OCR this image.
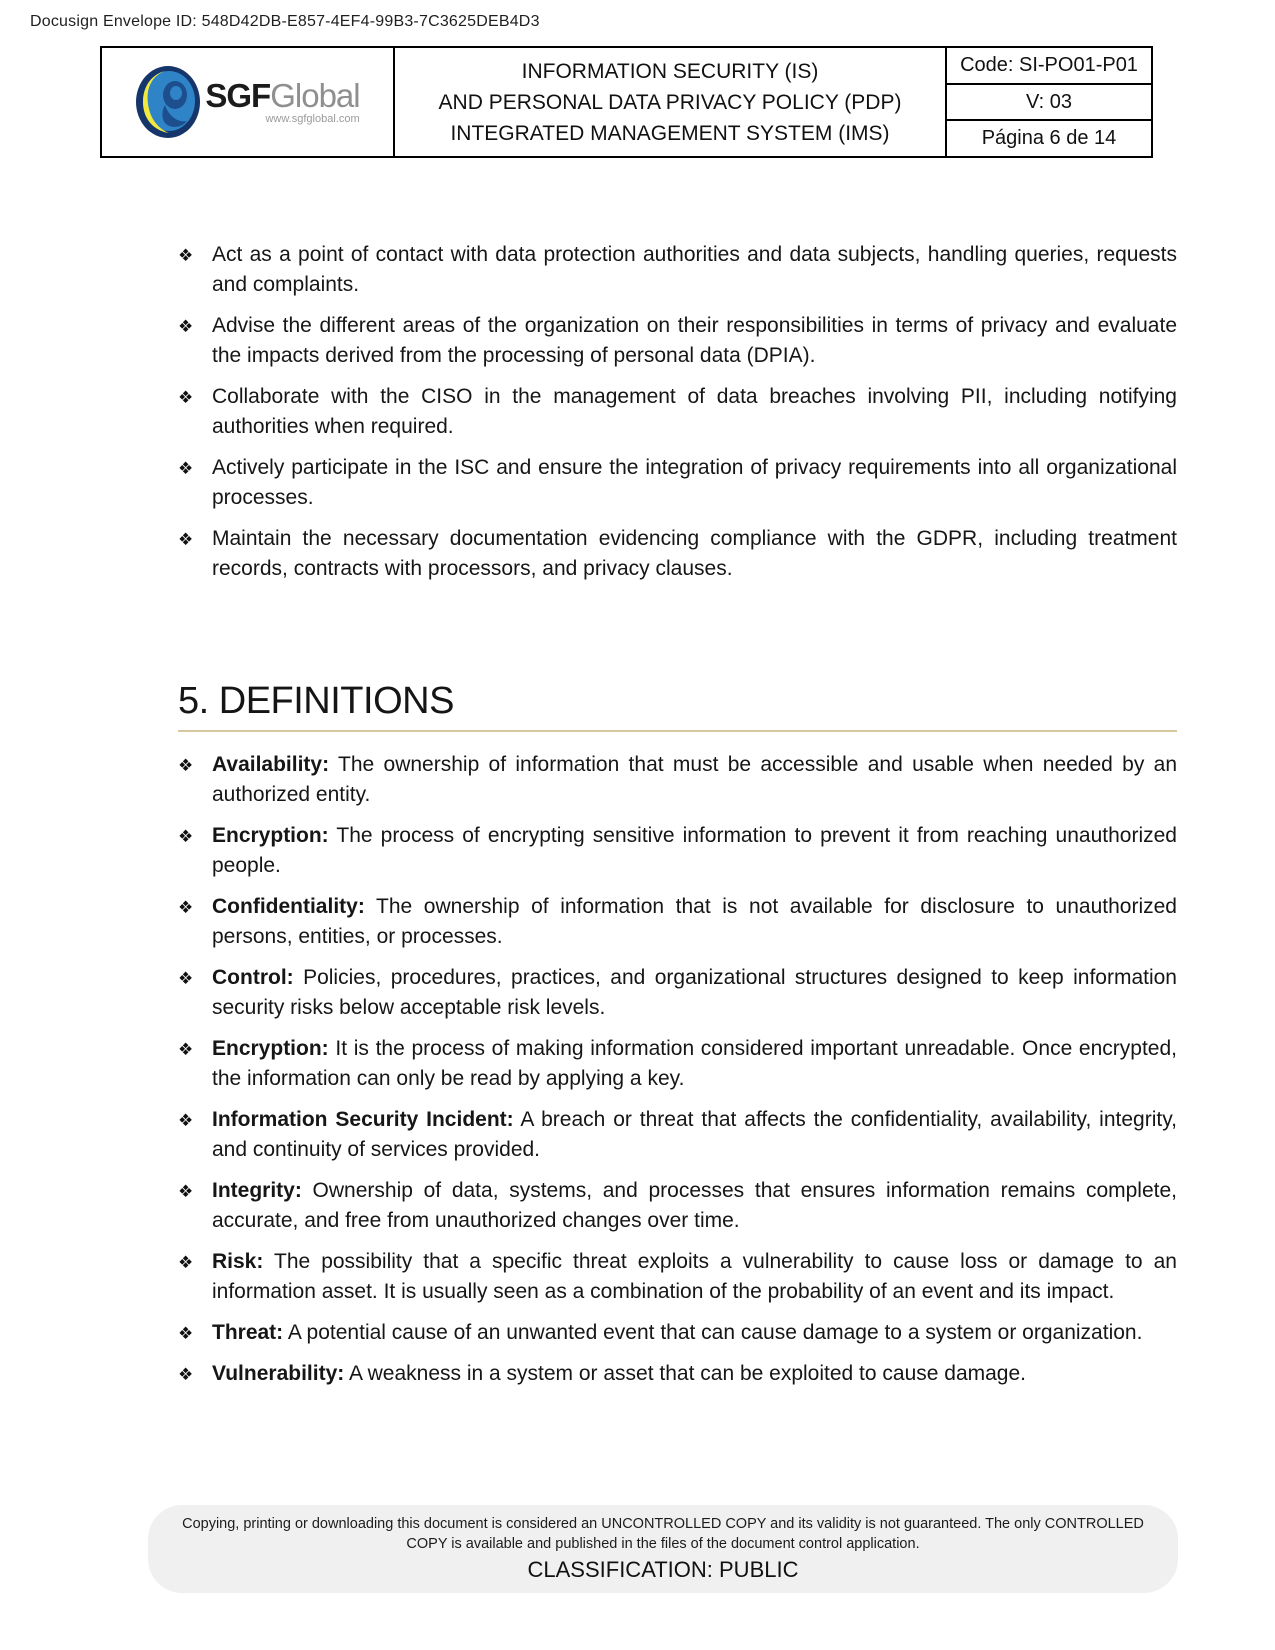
Docusign Envelope ID: 548D42DB-E857-4EF4-99B3-7C3625DEB4D3
SGF Global
www.sgfglobal.com
INFORMATION SECURITY (IS)
AND PERSONAL DATA PRIVACY POLICY (PDP)
INTEGRATED MANAGEMENT SYSTEM (IMS)
Code: SI-PO01-P01
V: 03
Página 6 de 14
❖ Act as a point of contact with data protection authorities and data subjects, handling queries, requests and complaints.
❖ Advise the different areas of the organization on their responsibilities in terms of privacy and evaluate the impacts derived from the processing of personal data (DPIA).
❖ Collaborate with the CISO in the management of data breaches involving PII, including notifying authorities when required.
❖ Actively participate in the ISC and ensure the integration of privacy requirements into all organizational processes.
❖ Maintain the necessary documentation evidencing compliance with the GDPR, including treatment records, contracts with processors, and privacy clauses.
5. DEFINITIONS
❖ Availability: The ownership of information that must be accessible and usable when needed by an authorized entity.
❖ Encryption: The process of encrypting sensitive information to prevent it from reaching unauthorized people.
❖ Confidentiality: The ownership of information that is not available for disclosure to unauthorized persons, entities, or processes.
❖ Control: Policies, procedures, practices, and organizational structures designed to keep information security risks below acceptable risk levels.
❖ Encryption: It is the process of making information considered important unreadable. Once encrypted, the information can only be read by applying a key.
❖ Information Security Incident: A breach or threat that affects the confidentiality, availability, integrity, and continuity of services provided.
❖ Integrity: Ownership of data, systems, and processes that ensures information remains complete, accurate, and free from unauthorized changes over time.
❖ Risk: The possibility that a specific threat exploits a vulnerability to cause loss or damage to an information asset. It is usually seen as a combination of the probability of an event and its impact.
❖ Threat: A potential cause of an unwanted event that can cause damage to a system or organization.
❖ Vulnerability: A weakness in a system or asset that can be exploited to cause damage.
Copying, printing or downloading this document is considered an UNCONTROLLED COPY and its validity is not guaranteed. The only CONTROLLED COPY is available and published in the files of the document control application.
CLASSIFICATION: PUBLIC
